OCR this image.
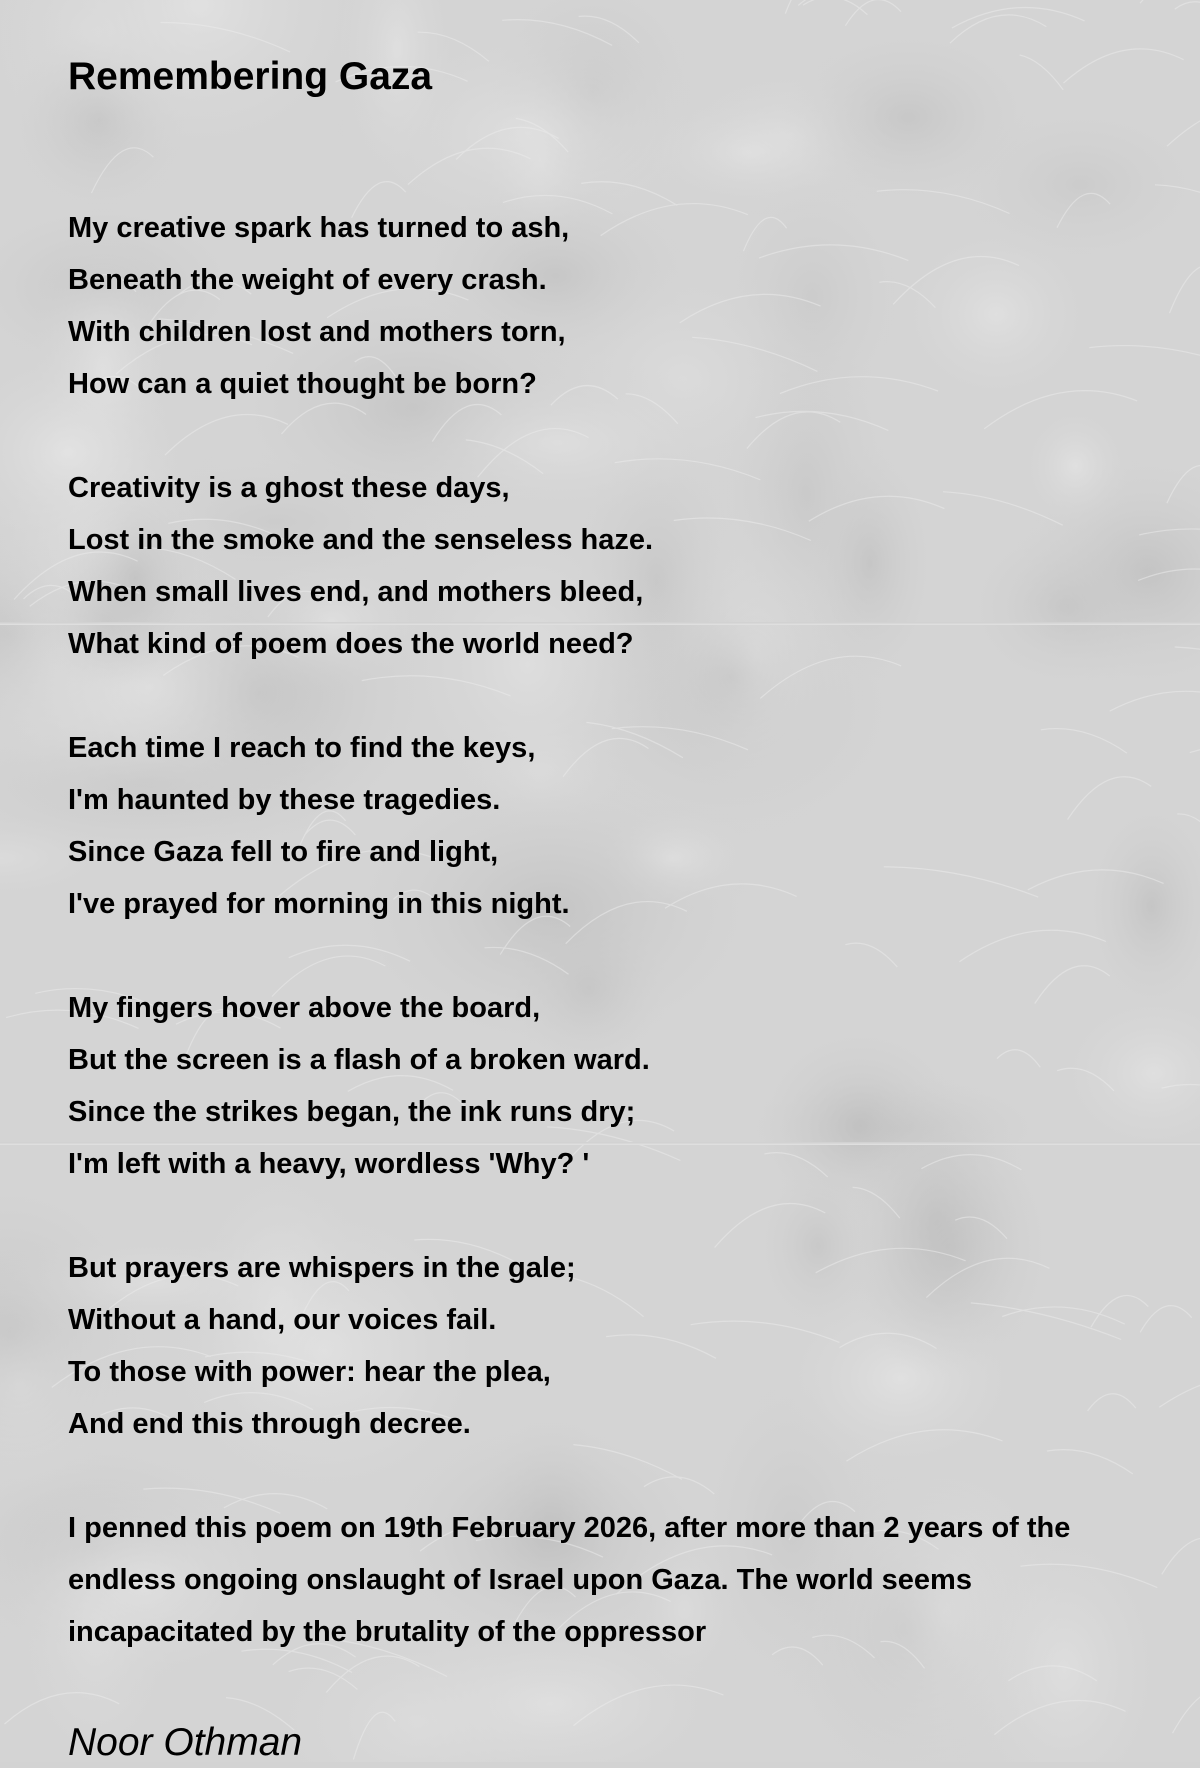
Remembering Gaza
My creative spark has turned to ash,
Beneath the weight of every crash.
With children lost and mothers torn,
How can a quiet thought be born?
Creativity is a ghost these days,
Lost in the smoke and the senseless haze.
When small lives end, and mothers bleed,
What kind of poem does the world need?
Each time I reach to find the keys,
I'm haunted by these tragedies.
Since Gaza fell to fire and light,
I've prayed for morning in this night.
My fingers hover above the board,
But the screen is a flash of a broken ward.
Since the strikes began, the ink runs dry;
I'm left with a heavy, wordless 'Why? '
But prayers are whispers in the gale;
Without a hand, our voices fail.
To those with power: hear the plea,
And end this through decree.

I penned this poem on 19th February 2026, after more than 2 years of the endless ongoing onslaught of Israel upon Gaza. The world seems incapacitated by the brutality of the oppressor

Noor Othman
